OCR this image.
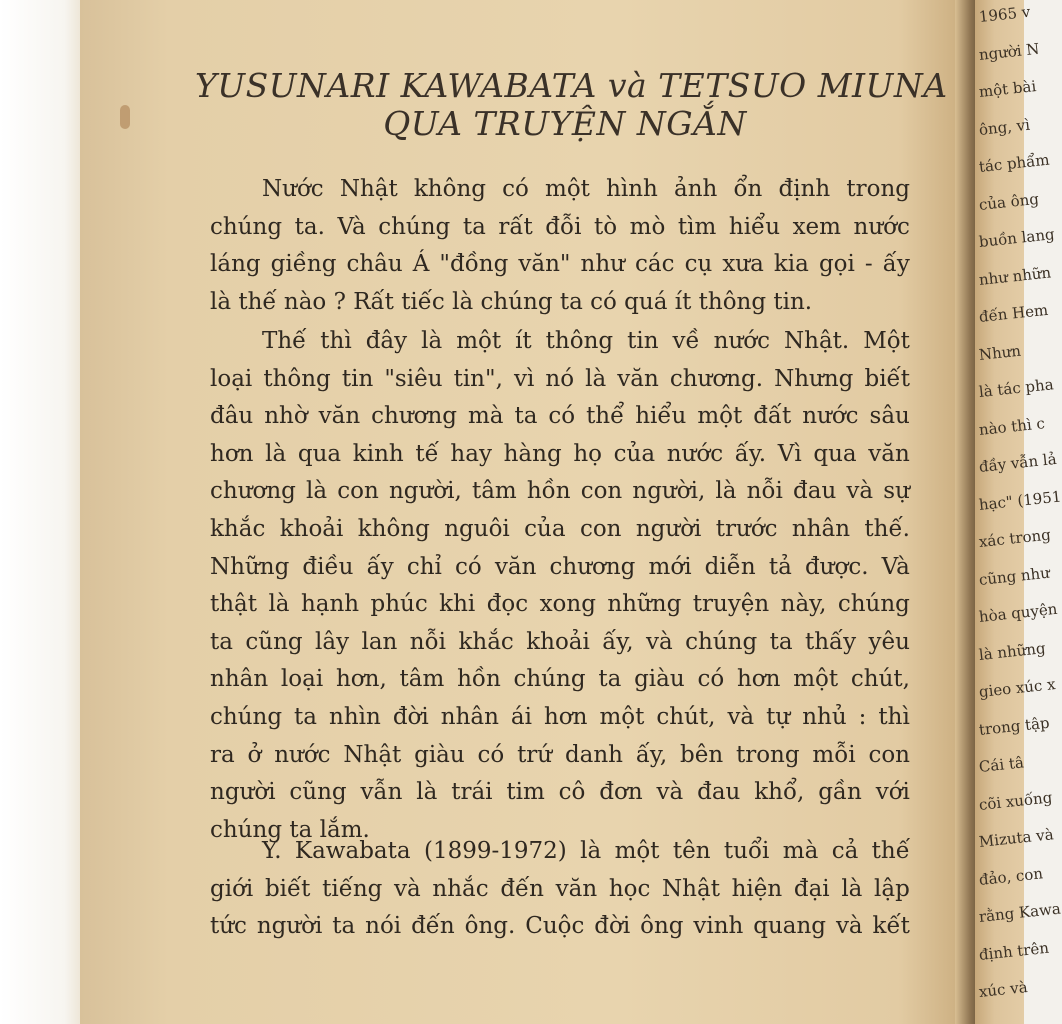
YUSUNARI KAWABATA và TETSUO MIUNA
QUA TRUYỆN NGẮN
Nước Nhật không có một hình ảnh ổn định trong
chúng ta. Và chúng ta rất đỗi tò mò tìm hiểu xem nước
láng giềng châu Á "đồng văn" như các cụ xưa kia gọi - ấy
là thế nào ? Rất tiếc là chúng ta có quá ít thông tin.
Thế thì đây là một ít thông tin về nước Nhật. Một
loại thông tin "siêu tin", vì nó là văn chương. Nhưng biết
đâu nhờ văn chương mà ta có thể hiểu một đất nước sâu
hơn là qua kinh tế hay hàng họ của nước ấy. Vì qua văn
chương là con người, tâm hồn con người, là nỗi đau và sự
khắc khoải không nguôi của con người trước nhân thế.
Những điều ấy chỉ có văn chương mới diễn tả được. Và
thật là hạnh phúc khi đọc xong những truyện này, chúng
ta cũng lây lan nỗi khắc khoải ấy, và chúng ta thấy yêu
nhân loại hơn, tâm hồn chúng ta giàu có hơn một chút,
chúng ta nhìn đời nhân ái hơn một chút, và tự nhủ : thì
ra ở nước Nhật giàu có trứ danh ấy, bên trong mỗi con
người cũng vẫn là trái tim cô đơn và đau khổ, gần với
chúng ta lắm.
Y. Kawabata (1899-1972) là một tên tuổi mà cả thế
giới biết tiếng và nhắc đến văn học Nhật hiện đại là lập
tức người ta nói đến ông. Cuộc đời ông vinh quang và kết
1965 v
người N
một bài
ông, vì
tác phẩm
của ông
buồn lang
như nhữn
đến Hem
Nhưn
là tác pha
nào thì c
đầy vẫn lả
hạc" (1951
xác trong
cũng như
hòa quyện
là những
gieo xúc x
trong tập
Cái tâ
cõi xuống
Mizuta và
đảo, con
rằng Kawa
định trên
xúc và
